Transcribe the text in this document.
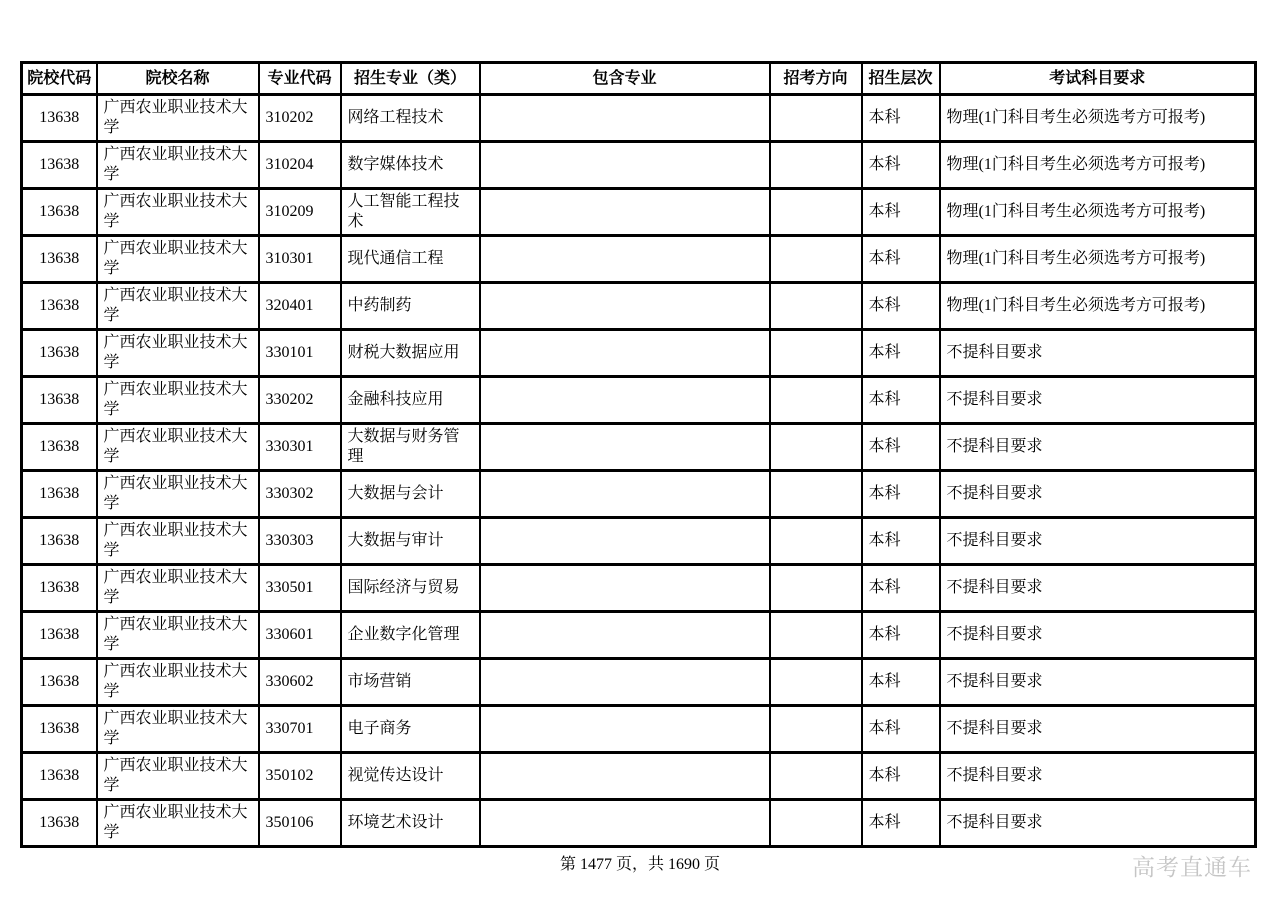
院校代码	院校名称	专业代码	招生专业（类）	包含专业	招考方向	招生层次	考试科目要求
13638	广西农业职业技术大学	310202	网络工程技术			本科	物理(1门科目考生必须选考方可报考)
13638	广西农业职业技术大学	310204	数字媒体技术			本科	物理(1门科目考生必须选考方可报考)
13638	广西农业职业技术大学	310209	人工智能工程技术			本科	物理(1门科目考生必须选考方可报考)
13638	广西农业职业技术大学	310301	现代通信工程			本科	物理(1门科目考生必须选考方可报考)
13638	广西农业职业技术大学	320401	中药制药			本科	物理(1门科目考生必须选考方可报考)
13638	广西农业职业技术大学	330101	财税大数据应用			本科	不提科目要求
13638	广西农业职业技术大学	330202	金融科技应用			本科	不提科目要求
13638	广西农业职业技术大学	330301	大数据与财务管理			本科	不提科目要求
13638	广西农业职业技术大学	330302	大数据与会计			本科	不提科目要求
13638	广西农业职业技术大学	330303	大数据与审计			本科	不提科目要求
13638	广西农业职业技术大学	330501	国际经济与贸易			本科	不提科目要求
13638	广西农业职业技术大学	330601	企业数字化管理			本科	不提科目要求
13638	广西农业职业技术大学	330602	市场营销			本科	不提科目要求
13638	广西农业职业技术大学	330701	电子商务			本科	不提科目要求
13638	广西农业职业技术大学	350102	视觉传达设计			本科	不提科目要求
13638	广西农业职业技术大学	350106	环境艺术设计			本科	不提科目要求
第 1477 页，共 1690 页	高考直通车
